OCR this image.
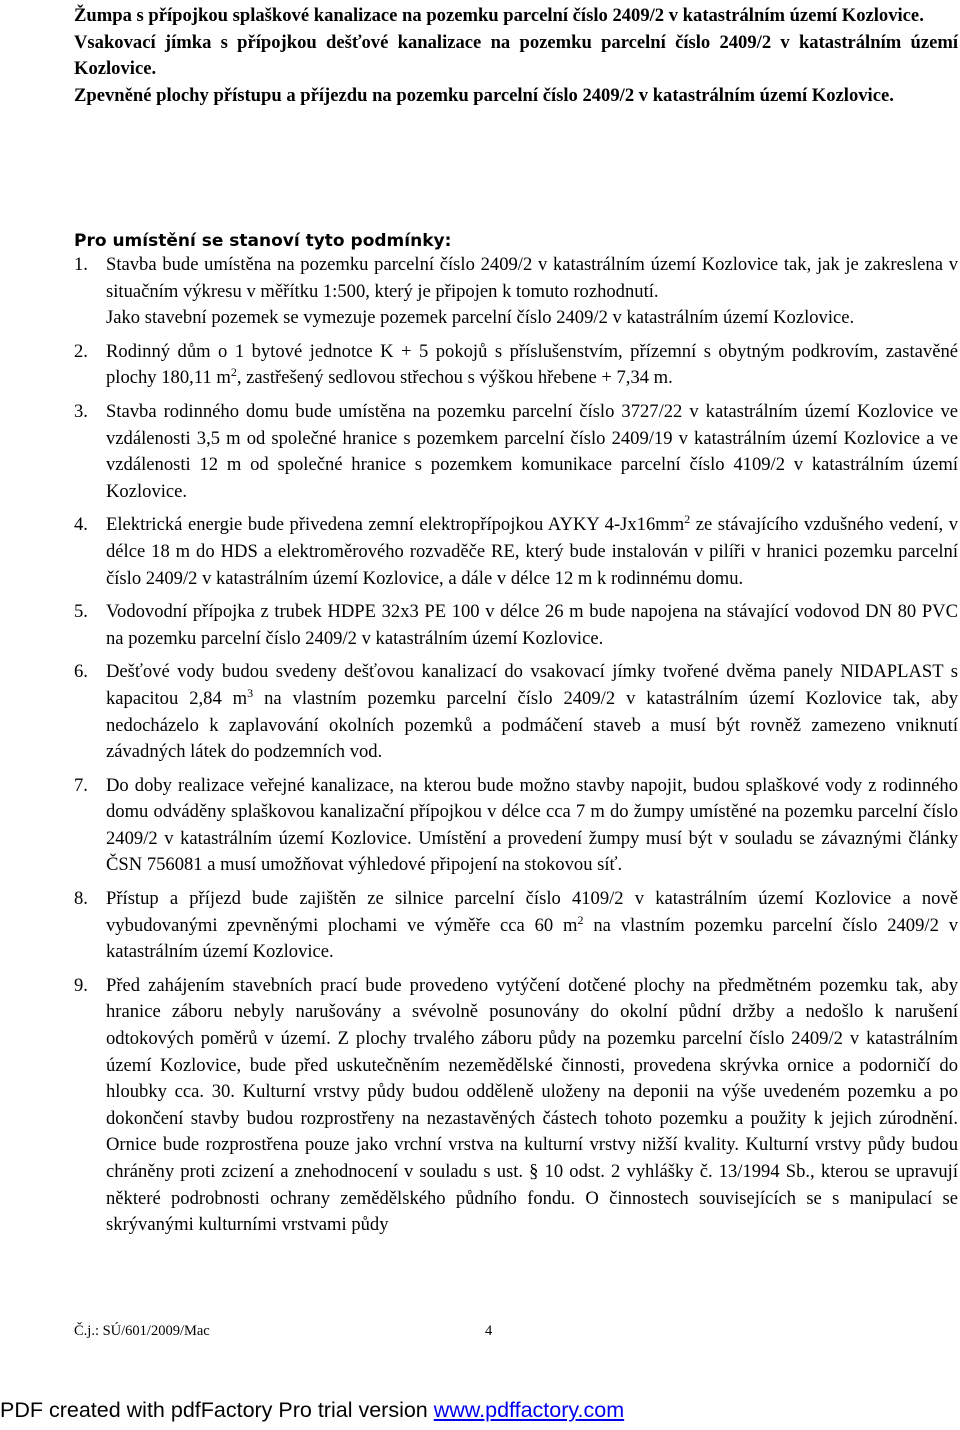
Žumpa s přípojkou splaškové kanalizace na pozemku parcelní číslo 2409/2 v katastrálním území Kozlovice.

Vsakovací jímka s přípojkou dešťové kanalizace na pozemku parcelní číslo 2409/2 v katastrálním území Kozlovice.

Zpevněné plochy přístupu a příjezdu na pozemku parcelní číslo 2409/2 v katastrálním území Kozlovice.

Pro umístění se stanoví tyto podmínky:

1. Stavba bude umístěna na pozemku parcelní číslo 2409/2 v katastrálním území Kozlovice tak, jak je zakreslena v situačním výkresu v měřítku 1:500, který je připojen k tomuto rozhodnutí.

Jako stavební pozemek se vymezuje pozemek parcelní číslo 2409/2 v katastrálním území Kozlovice.

2. Rodinný dům o 1 bytové jednotce K + 5 pokojů s příslušenstvím, přízemní s obytným podkrovím, zastavěné plochy 180,11 $m^2$, zastřešený sedlovou střechou s výškou hřebene + 7,34 m.

3. Stavba rodinného domu bude umístěna na pozemku parcelní číslo 3727/22 v katastrálním území Kozlovice ve vzdálenosti 3,5 m od společné hranice s pozemkem parcelní číslo 2409/19 v katastrálním území Kozlovice a ve vzdálenosti 12 m od společné hranice s pozemkem komunikace parcelní číslo 4109/2 v katastrálním území Kozlovice.

4. Elektrická energie bude přivedena zemní elektropřípojkou AYKY $4-Jx16mm^2$ ze stávajícího vzdušného vedení, v délce 18 m do HDS a elektroměrového rozvaděče RE, který bude instalován v pilíři v hranici pozemku parcelní číslo 2409/2 v katastrálním území Kozlovice, a dále v délce 12 m k rodinnému domu.

5. Vodovodní přípojka z trubek HDPE 32x3 PE 100 v délce 26 m bude napojena na stávající vodovod DN 80 PVC na pozemku parcelní číslo 2409/2 v katastrálním území Kozlovice.

6. Dešťové vody budou svedeny dešťovou kanalizací do vsakovací jímky tvořené dvěma panely NIDAPLAST s kapacitou 2,84 $m^3$ na vlastním pozemku parcelní číslo 2409/2 v katastrálním území Kozlovice tak, aby nedocházelo k zaplavování okolních pozemků a podmáčení staveb a musí být rovněž zamezeno vniknutí závadných látek do podzemních vod.

7. Do doby realizace veřejné kanalizace, na kterou bude možno stavby napojit, budou splaškové vody z rodinného domu odváděny splaškovou kanalizační přípojkou v délce cca 7 m do žumpy umístěné na pozemku parcelní číslo 2409/2 v katastrálním území Kozlovice. Umístění a provedení žumpy musí být v souladu se závaznými články ČSN 756081 a musí umožňovat výhledové připojení na stokovou síť.

8. Přístup a příjezd bude zajištěn ze silnice parcelní číslo 4109/2 v katastrálním území Kozlovice a nově vybudovanými zpevněnými plochami ve výměře cca 60 $m^2$ na vlastním pozemku parcelní číslo 2409/2 v katastrálním území Kozlovice.

9. Před zahájením stavebních prací bude provedeno vytýčení dotčené plochy na předmětném pozemku tak, aby hranice záboru nebyly narušovány a svévolně posunovány do okolní půdní držby a nedošlo k narušení odtokových poměrů v území. Z plochy trvalého záboru půdy na pozemku parcelní číslo 2409/2 v katastrálním území Kozlovice, bude před uskutečněním nezemědělské činnosti, provedena skrývka ornice a podorničí do hloubky cca. 30. Kulturní vrstvy půdy budou odděleně uloženy na deponii na výše uvedeném pozemku a po dokončení stavby budou rozprostřeny na nezastavěných částech tohoto pozemku a použity k jejich zúrodnění. Ornice bude rozprostřena pouze jako vrchní vrstva na kulturní vrstvy nižší kvality. Kulturní vrstvy půdy budou chráněny proti zcizení a znehodnocení v souladu s ust. § 10 odst. 2 vyhlášky č. 13/1994 Sb., kterou se upravují některé podrobnosti ochrany zemědělského půdního fondu. O činnostech souvisejících se s manipulací se skrývanými kulturními vrstvami půdy

Č.j.: SÚ/601/2009/Mac	4
PDF created with pdfFactory Pro trial version www.pdffactory.com
